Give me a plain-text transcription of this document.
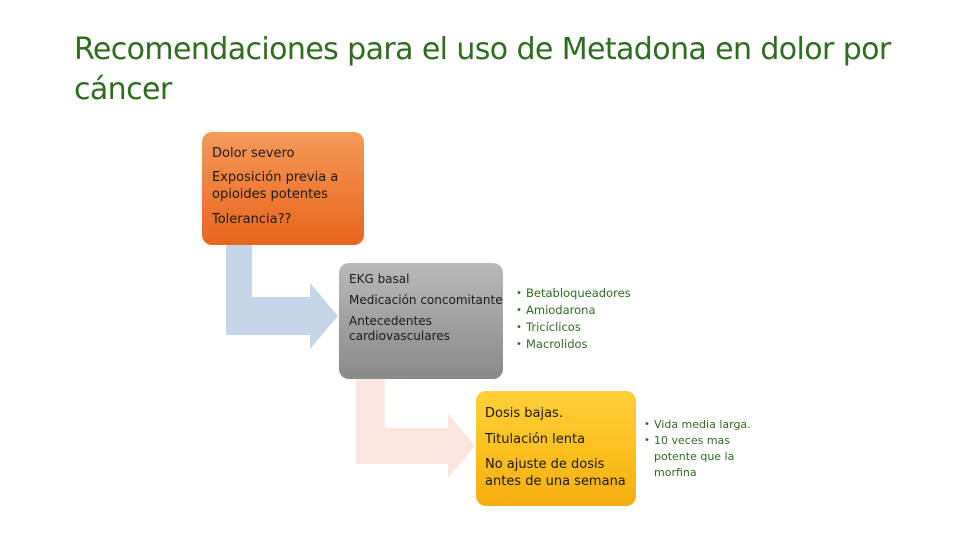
Recomendaciones para el uso de Metadona en dolor por cáncer

Dolor severo

Exposición previa a opioides potentes

Tolerancia??

EKG basal

Medicación concomitante

Antecedentes cardiovasculares

• Betabloqueadores
• Amiodarona
• Tricíclicos
• Macrolidos

Dosis bajas.

Titulación lenta

No ajuste de dosis antes de una semana

• Vida media larga.
• 10 veces mas potente que la morfina
